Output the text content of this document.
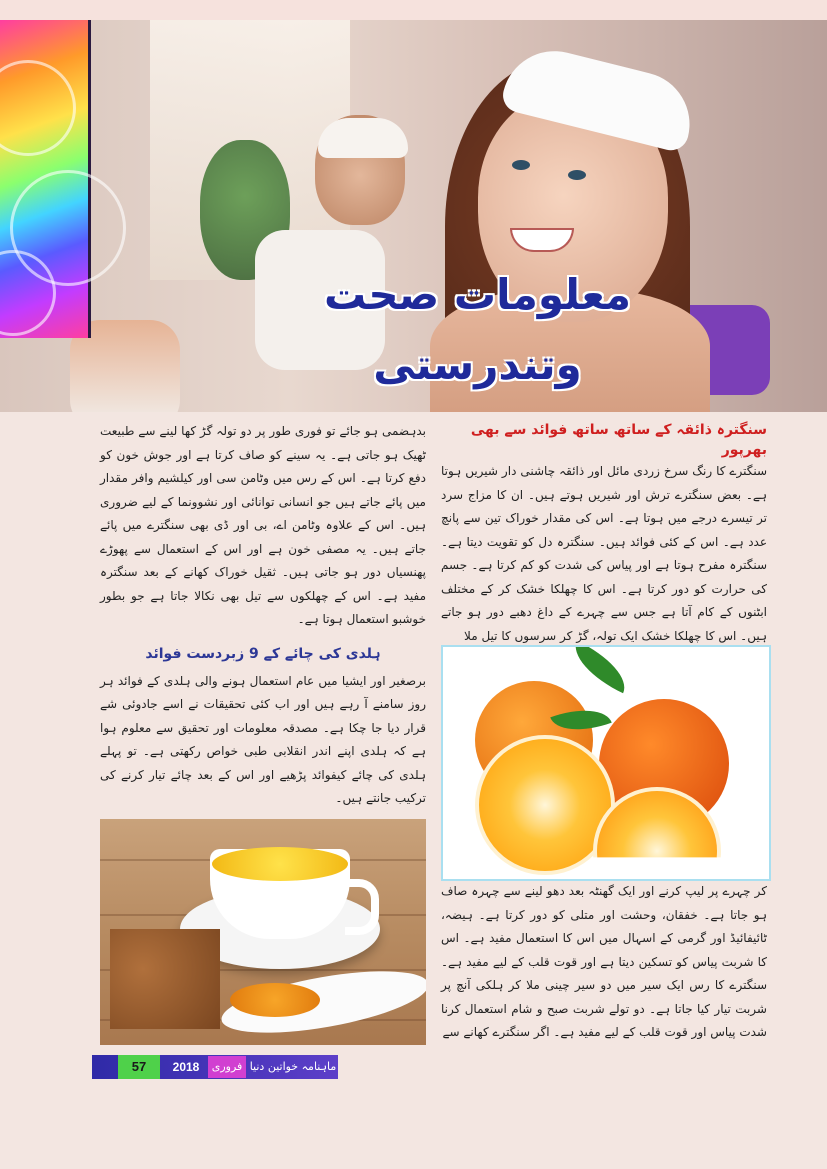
معلومات صحت وتندرستی
سنگترہ ذائقہ کے ساتھ ساتھ فوائد سے بھی بھرپور

سنگترے کا رنگ سرخ زردی مائل اور ذائقہ چاشنی دار شیریں ہوتا ہے۔ بعض سنگترے ترش اور شیریں ہوتے ہیں۔ ان کا مزاج سرد تر تیسرے درجے میں ہوتا ہے۔ اس کی مقدار خوراک تین سے پانچ عدد ہے۔ اس کے کئی فوائد ہیں۔ سنگترہ دل کو تقویت دیتا ہے۔ سنگترہ مفرح ہوتا ہے اور پیاس کی شدت کو کم کرتا ہے۔ جسم کی حرارت کو دور کرتا ہے۔ اس کا چھلکا خشک کر کے مختلف ابٹنوں کے کام آتا ہے جس سے چہرے کے داغ دھبے دور ہو جاتے ہیں۔ اس کا چھلکا خشک ایک تولہ، گڑ کر سرسوں کا تیل ملا

کر چہرے پر لیپ کرنے اور ایک گھنٹہ بعد دھو لینے سے چہرہ صاف ہو جاتا ہے۔ خفقان، وحشت اور متلی کو دور کرتا ہے۔ ہیضہ، ٹائیفائیڈ اور گرمی کے اسہال میں اس کا استعمال مفید ہے۔ اس کا شربت پیاس کو تسکین دیتا ہے اور قوت قلب کے لیے مفید ہے۔ سنگترے کا رس ایک سیر میں دو سیر چینی ملا کر ہلکی آنچ پر شربت تیار کیا جاتا ہے۔ دو تولے شربت صبح و شام استعمال کرنا شدت پیاس اور قوت قلب کے لیے مفید ہے۔ اگر سنگترے کھانے سے

بدہضمی ہو جائے تو فوری طور پر دو تولہ گڑ کھا لینے سے طبیعت ٹھیک ہو جاتی ہے۔ یہ سینے کو صاف کرتا ہے اور جوش خون کو دفع کرتا ہے۔ اس کے رس میں وٹامن سی اور کیلشیم وافر مقدار میں پائے جاتے ہیں جو انسانی توانائی اور نشوونما کے لیے ضروری ہیں۔ اس کے علاوہ وٹامن اے، بی اور ڈی بھی سنگترے میں پائے جاتے ہیں۔ یہ مصفی خون ہے اور اس کے استعمال سے پھوڑے پھنسیاں دور ہو جاتی ہیں۔ ثقیل خوراک کھانے کے بعد سنگترہ مفید ہے۔ اس کے چھلکوں سے تیل بھی نکالا جاتا ہے جو بطور خوشبو استعمال ہوتا ہے۔

ہلدی کی چائے کے 9 زبردست فوائد

برصغیر اور ایشیا میں عام استعمال ہونے والی ہلدی کے فوائد ہر روز سامنے آ رہے ہیں اور اب کئی تحقیقات نے اسے جادوئی شے قرار دیا جا چکا ہے۔ مصدقہ معلومات اور تحقیق سے معلوم ہوا ہے کہ ہلدی اپنے اندر انقلابی طبی خواص رکھتی ہے۔ تو پہلے ہلدی کی چائے کیفوائد پڑھیے اور اس کے بعد چائے تیار کرنے کی ترکیب جانتے ہیں۔

57	2018	فروری ماہنامہ خواتین دنیا
